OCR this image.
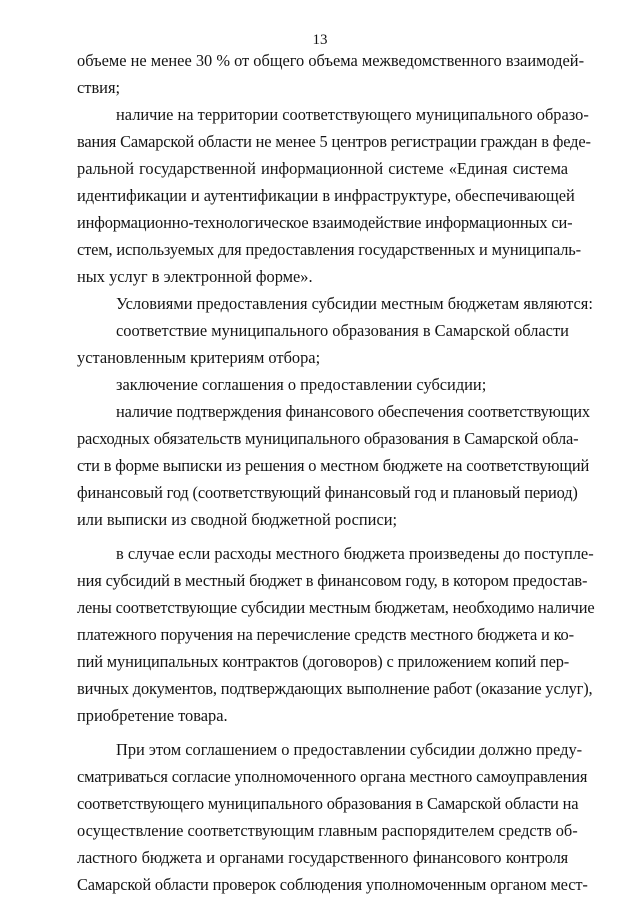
13
объеме не менее 30 % от общего объема межведомственного взаимодей-
ствия;
наличие на территории соответствующего муниципального образо-
вания Самарской области не менее 5 центров регистрации граждан в феде-
ральной государственной информационной системе «Единая система
идентификации и аутентификации в инфраструктуре, обеспечивающей
информационно-технологическое взаимодействие информационных си-
стем, используемых для предоставления государственных и муниципаль-
ных услуг в электронной форме».
Условиями предоставления субсидии местным бюджетам являются:
соответствие муниципального образования в Самарской области
установленным критериям отбора;
заключение соглашения о предоставлении субсидии;
наличие подтверждения финансового обеспечения соответствующих
расходных обязательств муниципального образования в Самарской обла-
сти в форме выписки из решения о местном бюджете на соответствующий
финансовый год (соответствующий финансовый год и плановый период)
или выписки из сводной бюджетной росписи;
в случае если расходы местного бюджета произведены до поступле-
ния субсидий в местный бюджет в финансовом году, в котором предостав-
лены соответствующие субсидии местным бюджетам, необходимо наличие
платежного поручения на перечисление средств местного бюджета и ко-
пий муниципальных контрактов (договоров) с приложением копий пер-
вичных документов, подтверждающих выполнение работ (оказание услуг),
приобретение товара.
При этом соглашением о предоставлении субсидии должно преду-
сматриваться согласие уполномоченного органа местного самоуправления
соответствующего муниципального образования в Самарской области на
осуществление соответствующим главным распорядителем средств об-
ластного бюджета и органами государственного финансового контроля
Самарской области проверок соблюдения уполномоченным органом мест-
